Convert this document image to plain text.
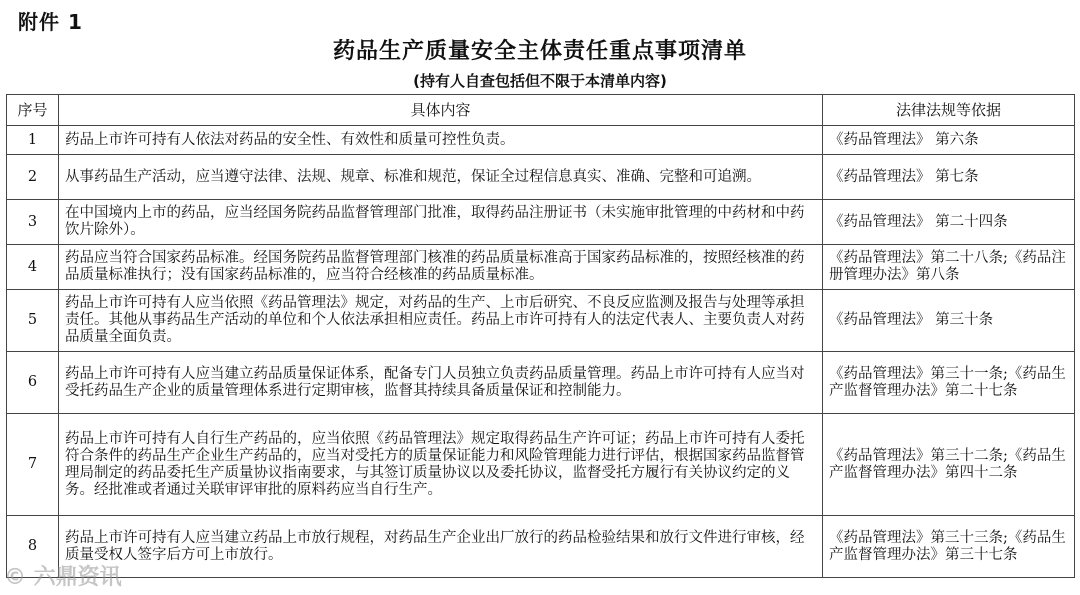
附件 1
药品生产质量安全主体责任重点事项清单
(持有人自查包括但不限于本清单内容)
序号	具体内容	法律法规等依据
1	药品上市许可持有人依法对药品的安全性、有效性和质量可控性负责。	《药品管理法》 第六条
2	从事药品生产活动，应当遵守法律、法规、规章、标准和规范，保证全过程信息真实、准确、完整和可追溯。	《药品管理法》 第七条
3	在中国境内上市的药品，应当经国务院药品监督管理部门批准，取得药品注册证书（未实施审批管理的中药材和中药饮片除外）。	《药品管理法》 第二十四条
4	药品应当符合国家药品标准。经国务院药品监督管理部门核准的药品质量标准高于国家药品标准的，按照经核准的药品质量标准执行；没有国家药品标准的，应当符合经核准的药品质量标准。	《药品管理法》第二十八条;《药品注册管理办法》第八条
5	药品上市许可持有人应当依照《药品管理法》规定，对药品的生产、上市后研究、不良反应监测及报告与处理等承担责任。其他从事药品生产活动的单位和个人依法承担相应责任。药品上市许可持有人的法定代表人、主要负责人对药品质量全面负责。	《药品管理法》 第三十条
6	药品上市许可持有人应当建立药品质量保证体系，配备专门人员独立负责药品质量管理。药品上市许可持有人应当对受托药品生产企业的质量管理体系进行定期审核，监督其持续具备质量保证和控制能力。	《药品管理法》第三十一条;《药品生产监督管理办法》第二十七条
7	药品上市许可持有人自行生产药品的，应当依照《药品管理法》规定取得药品生产许可证；药品上市许可持有人委托符合条件的药品生产企业生产药品的，应当对受托方的质量保证能力和风险管理能力进行评估，根据国家药品监督管理局制定的药品委托生产质量协议指南要求，与其签订质量协议以及委托协议，监督受托方履行有关协议约定的义务。经批准或者通过关联审评审批的原料药应当自行生产。	《药品管理法》第三十二条;《药品生产监督管理办法》第四十二条
8	药品上市许可持有人应当建立药品上市放行规程，对药品生产企业出厂放行的药品检验结果和放行文件进行审核，经质量受权人签字后方可上市放行。	《药品管理法》第三十三条;《药品生产监督管理办法》第三十七条
© 六鼎资讯
